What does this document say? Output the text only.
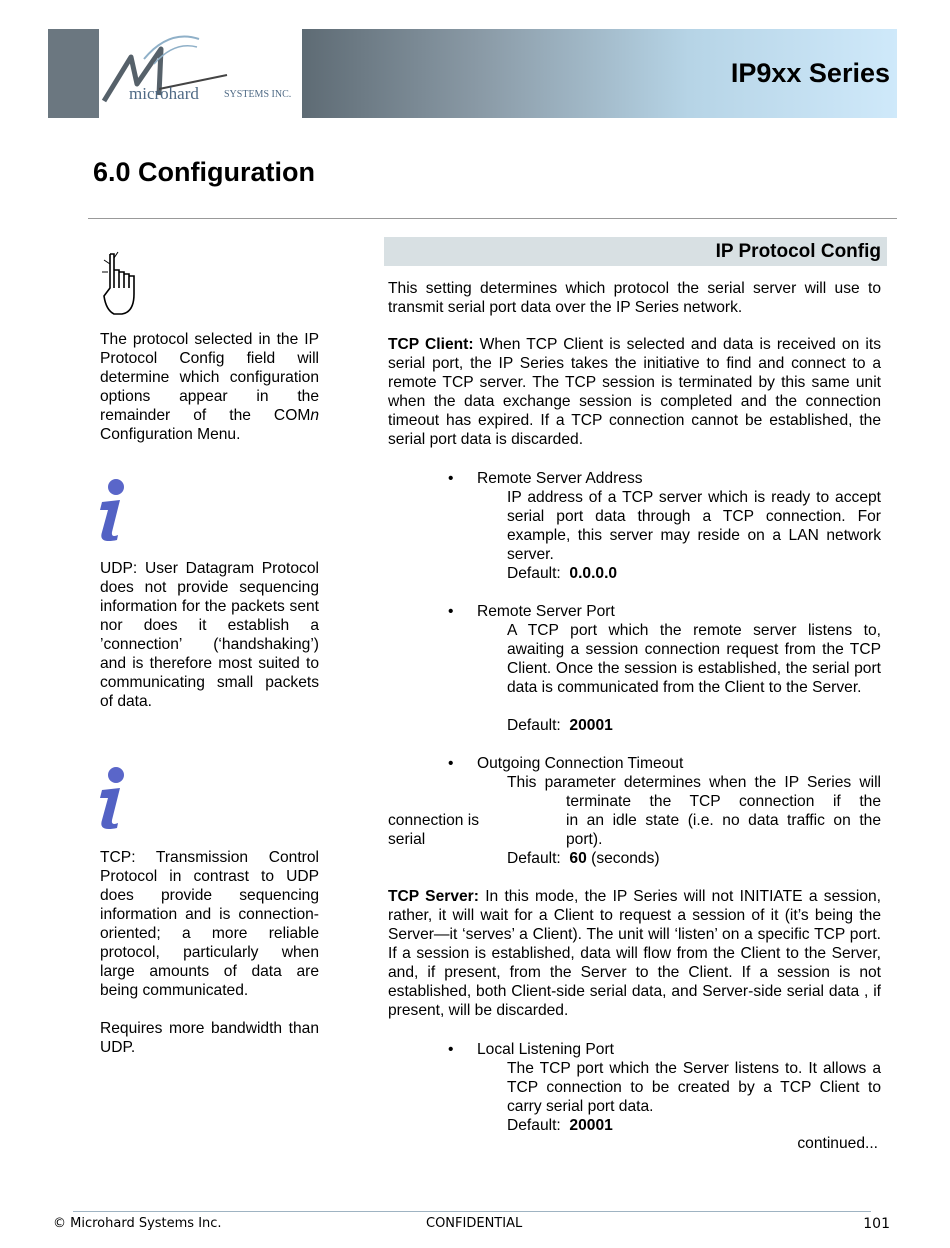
microhard	SYSTEMS INC.
IP9xx Series
6.0 Configuration

The protocol selected in the IP Protocol Config field will determine which configuration options appear in the remainder of the COMn Configuration Menu.

UDP: User Datagram Protocol does not provide sequencing information for the packets sent nor does it establish a ’connection’ (‘handshaking’) and is therefore most suited to communicating small packets of data.

TCP: Transmission Control Protocol in contrast to UDP does provide sequencing information and is connection-oriented; a more reliable protocol, particularly when large amounts of data are being communicated.

Requires more bandwidth than UDP.

IP Protocol Config

This setting determines which protocol the serial server will use to transmit serial port data over the IP Series network.

TCP Client: When TCP Client is selected and data is received on its serial port, the IP Series takes the initiative to find and connect to a remote TCP server. The TCP session is terminated by this same unit when the data exchange session is completed and the connection timeout has expired. If a TCP connection cannot be established, the serial port data is discarded.

• Remote Server Address
IP address of a TCP server which is ready to accept serial port data through a TCP connection. For example, this server may reside on a LAN network server.
Default: 0.0.0.0
• Remote Server Port
A TCP port which the remote server listens to, awaiting a session connection request from the TCP Client. Once the session is established, the serial port data is communicated from the Client to the Server.
Default: 20001
• Outgoing Connection Timeout
This parameter determines when the IP Series will
terminate the TCP connection if the
connection is	in an idle state (i.e. no data traffic on the
serial	port).
Default: 60 (seconds)

TCP Server: In this mode, the IP Series will not INITIATE a session, rather, it will wait for a Client to request a session of it (it’s being the Server—it ‘serves’ a Client). The unit will ‘listen’ on a specific TCP port. If a session is established, data will flow from the Client to the Server, and, if present, from the Server to the Client. If a session is not established, both Client-side serial data, and Server-side serial data , if present, will be discarded.

• Local Listening Port
The TCP port which the Server listens to. It allows a TCP connection to be created by a TCP Client to carry serial port data.
Default: 20001
continued...
© Microhard Systems Inc.	CONFIDENTIAL	101
